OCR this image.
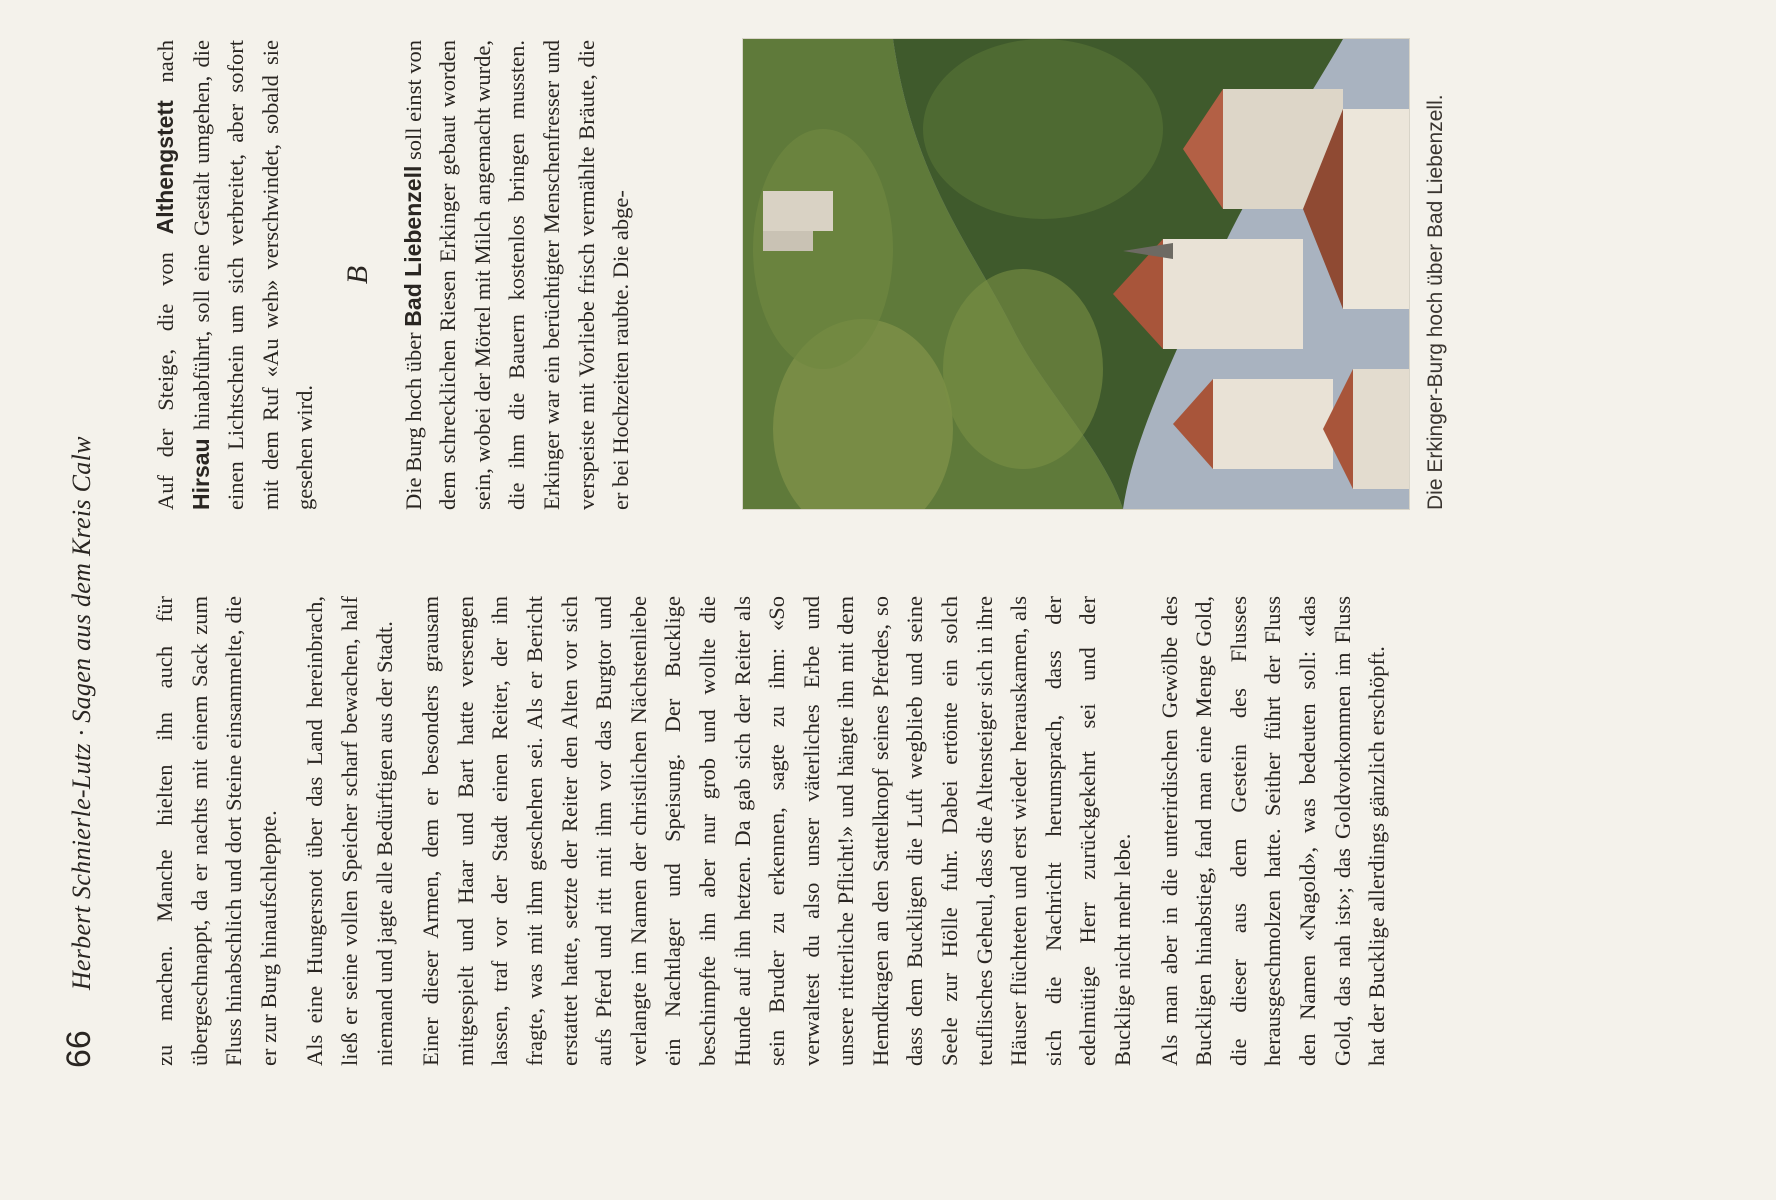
66
Herbert Schnierle-Lutz · Sagen aus dem Kreis Calw zu machen. Manche hielten ihn auch für übergeschnappt, da er nachts mit einem Sack zum Fluss hinabschlich und dort Steine einsammelte, die er zur Burg hinaufschleppte. Als eine Hungersnot über das Land hereinbrach, ließ er seine vollen Speicher scharf bewachen, half niemand und jagte alle Bedürftigen aus der Stadt. Einer dieser Armen, dem er besonders grausam mitgespielt und Haar und Bart hatte versengen lassen, traf vor der Stadt einen Reiter, der ihn fragte, was mit ihm geschehen sei. Als er Bericht erstattet hatte, setzte der Reiter den Alten vor sich aufs Pferd und ritt mit ihm vor das Burgtor und verlangte im Namen der christlichen Nächstenliebe ein Nachtlager und Speisung. Der Bucklige beschimpfte ihn aber nur grob und wollte die Hunde auf ihn hetzen. Da gab sich der Reiter als sein Bruder zu erkennen, sagte zu ihm: «So verwaltest du also unser väterliches Erbe und unsere ritterliche Pflicht!» und hängte ihn mit dem Hemdkragen an den Sattelknopf seines Pferdes, so dass dem Buckligen die Luft wegblieb und seine Seele zur Hölle fuhr. Dabei ertönte ein solch teuflisches Geheul, dass die Altensteiger sich in ihre Häuser flüchteten und erst wieder herauskamen, als sich die Nachricht herumsprach, dass der edelmütige Herr zurückgekehrt sei und der Bucklige nicht mehr lebe. Als man aber in die unterirdischen Gewölbe des Buckligen hinabstieg, fand man eine Menge Gold, die dieser aus dem Gestein des Flusses herausgeschmolzen hatte. Seither führt der Fluss den Namen «Nagold», was bedeuten soll: «das Gold, das nah ist»; das Goldvorkommen im Fluss hat der Bucklige allerdings gänzlich erschöpft.

Auf der Steige, die von Althengstett nach Hirsau hinabführt, soll eine Gestalt umgehen, die einen Lichtschein um sich verbreitet, aber sofort mit dem Ruf «Au weh» verschwindet, sobald sie gesehen wird.

B

Die Burg hoch über Bad Liebenzell soll einst von dem schrecklichen Riesen Erkinger gebaut worden sein, wobei der Mörtel mit Milch angemacht wurde, die ihm die Bauern kostenlos bringen mussten. Erkinger war ein berüchtigter Menschenfresser und verspeiste mit Vorliebe frisch vermählte Bräute, die er bei Hochzeiten raubte. Die abge-	Die Erkinger-Burg hoch über Bad Liebenzell.
